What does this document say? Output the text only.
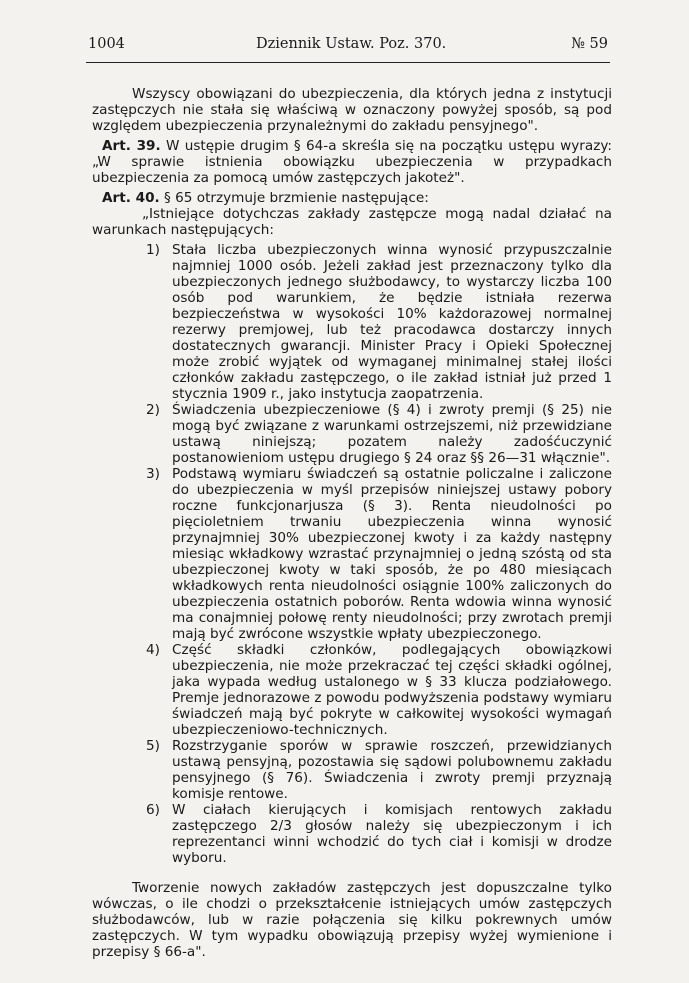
1004	Dziennik Ustaw. Poz. 370.	№ 59

Wszyscy obowiązani do ubezpieczenia, dla których jedna z instytucji zastępczych nie stała się właściwą w oznaczony powyżej sposób, są pod względem ubezpieczenia przynależnymi do zakładu pensyjnego".

Art. 39. W ustępie drugim § 64-a skreśla się na początku ustępu wyrazy: „W sprawie istnienia obowiązku ubezpieczenia w przypadkach ubezpieczenia za pomocą umów zastępczych jakoteż".

Art. 40. § 65 otrzymuje brzmienie następujące:

„Istniejące dotychczas zakłady zastępcze mogą nadal działać na warunkach następujących:

1) Stała liczba ubezpieczonych winna wynosić przypuszczalnie najmniej 1000 osób. Jeżeli zakład jest przeznaczony tylko dla ubezpieczonych jednego służbodawcy, to wystarczy liczba 100 osób pod warunkiem, że będzie istniała rezerwa bezpieczeństwa w wysokości 10% każdorazowej normalnej rezerwy premjowej, lub też pracodawca dostarczy innych dostatecznych gwarancji. Minister Pracy i Opieki Społecznej może zrobić wyjątek od wymaganej minimalnej stałej ilości członków zakładu zastępczego, o ile zakład istniał już przed 1 stycznia 1909 r., jako instytucja zaopatrzenia.
2) Świadczenia ubezpieczeniowe (§ 4) i zwroty premji (§ 25) nie mogą być związane z warunkami ostrzejszemi, niż przewidziane ustawą niniejszą; pozatem należy zadośćuczynić postanowieniom ustępu drugiego § 24 oraz §§ 26—31 włącznie".
3) Podstawą wymiaru świadczeń są ostatnie policzalne i zaliczone do ubezpieczenia w myśl przepisów niniejszej ustawy pobory roczne funkcjonarjusza (§ 3). Renta nieudolności po pięcioletniem trwaniu ubezpieczenia winna wynosić przynajmniej 30% ubezpieczonej kwoty i za każdy następny miesiąc wkładkowy wzrastać przynajmniej o jedną szóstą od sta ubezpieczonej kwoty w taki sposób, że po 480 miesiącach wkładkowych renta nieudolności osiągnie 100% zaliczonych do ubezpieczenia ostatnich poborów. Renta wdowia winna wynosić ma conajmniej połowę renty nieudolności; przy zwrotach premji mają być zwrócone wszystkie wpłaty ubezpieczonego.
4) Część składki członków, podlegających obowiązkowi ubezpieczenia, nie może przekraczać tej części składki ogólnej, jaka wypada według ustalonego w § 33 klucza podziałowego. Premje jednorazowe z powodu podwyższenia podstawy wymiaru świadczeń mają być pokryte w całkowitej wysokości wymagań ubezpieczeniowo-technicznych.
5) Rozstrzyganie sporów w sprawie roszczeń, przewidzianych ustawą pensyjną, pozostawia się sądowi polubownemu zakładu pensyjnego (§ 76). Świadczenia i zwroty premji przyznają komisje rentowe.
6) W ciałach kierujących i komisjach rentowych zakładu zastępczego 2/3 głosów należy się ubezpieczonym i ich reprezentanci winni wchodzić do tych ciał i komisji w drodze wyboru.

Tworzenie nowych zakładów zastępczych jest dopuszczalne tylko wówczas, o ile chodzi o przekształcenie istniejących umów zastępczych służbodawców, lub w razie połączenia się kilku pokrewnych umów zastępczych. W tym wypadku obowiązują przepisy wyżej wymienione i przepisy § 66-a".
